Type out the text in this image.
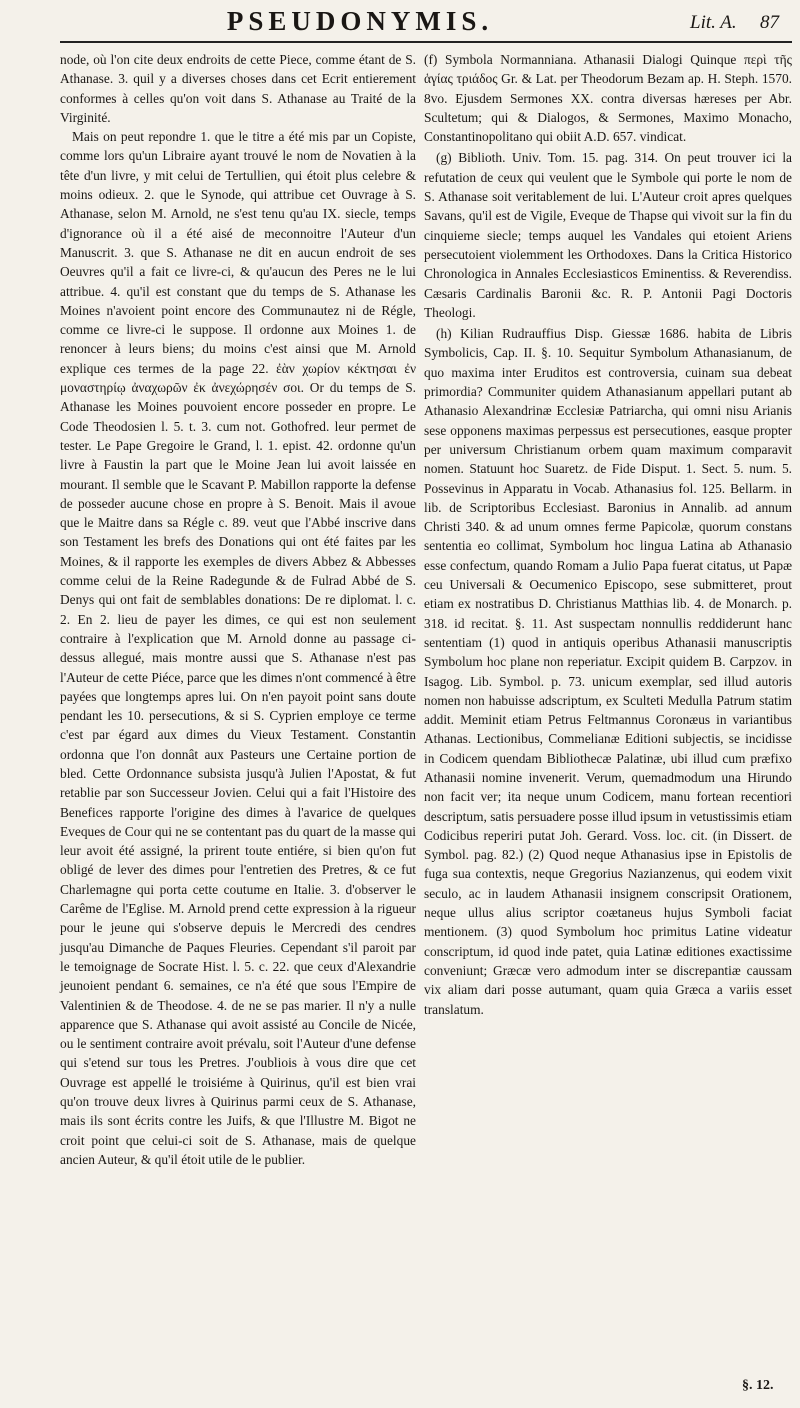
PSEUDONYMIS.	Lit. A. 87

node, où l'on cite deux endroits de cette Piece, comme étant de S. Athanase. 3. quil y a diverses choses dans cet Ecrit entierement conformes à celles qu'on voit dans S. Athanase au Traité de la Virginité.

Mais on peut repondre 1. que le titre a été mis par un Copiste, comme lors qu'un Libraire ayant trouvé le nom de Novatien à la tête d'un livre, y mit celui de Tertullien, qui étoit plus celebre & moins odieux. 2. que le Synode, qui attribue cet Ouvrage à S. Athanase, selon M. Arnold, ne s'est tenu qu'au IX. siecle, temps d'ignorance où il a été aisé de meconnoitre l'Auteur d'un Manuscrit. 3. que S. Athanase ne dit en aucun endroit de ses Oeuvres qu'il a fait ce livre-ci, & qu'aucun des Peres ne le lui attribue. 4. qu'il est constant que du temps de S. Athanase les Moines n'avoient point encore des Communautez ni de Régle, comme ce livre-ci le suppose. Il ordonne aux Moines 1. de renoncer à leurs biens; du moins c'est ainsi que M. Arnold explique ces termes de la page 22. ἐὰν χωρίον κέκτησαι ἐν μοναστηρίῳ ἀναχωρῶν ἐκ ἀνεχώρησέν σοι. Or du temps de S. Athanase les Moines pouvoient encore posseder en propre. Le Code Theodosien l. 5. t. 3. cum not. Gothofred. leur permet de tester. Le Pape Gregoire le Grand, l. 1. epist. 42. ordonne qu'un livre à Faustin la part que le Moine Jean lui avoit laissée en mourant. Il semble que le Scavant P. Mabillon rapporte la defense de posseder aucune chose en propre à S. Benoit. Mais il avoue que le Maitre dans sa Régle c. 89. veut que l'Abbé inscrive dans son Testament les brefs des Donations qui ont été faites par les Moines, & il rapporte les exemples de divers Abbez & Abbesses comme celui de la Reine Radegunde & de Fulrad Abbé de S. Denys qui ont fait de semblables donations: De re diplomat. l. c. 2. En 2. lieu de payer les dimes, ce qui est non seulement contraire à l'explication que M. Arnold donne au passage ci-dessus allegué, mais montre aussi que S. Athanase n'est pas l'Auteur de cette Piéce, parce que les dimes n'ont commencé à être payées que longtemps apres lui. On n'en payoit point sans doute pendant les 10. persecutions, & si S. Cyprien employe ce terme c'est par égard aux dimes du Vieux Testament. Constantin ordonna que l'on donnât aux Pasteurs une Certaine portion de bled. Cette Ordonnance subsista jusqu'à Julien l'Apostat, & fut retablie par son Successeur Jovien. Celui qui a fait l'Histoire des Benefices rapporte l'origine des dimes à l'avarice de quelques Eveques de Cour qui ne se contentant pas du quart de la masse qui leur avoit été assigné, la prirent toute entiére, si bien qu'on fut obligé de lever des dimes pour l'entretien des Pretres, & ce fut Charlemagne qui porta cette coutume en Italie. 3. d'observer le Carême de l'Eglise. M. Arnold prend cette expression à la rigueur pour le jeune qui s'observe depuis le Mercredi des cendres jusqu'au Dimanche de Paques Fleuries. Cependant s'il paroit par le temoignage de Socrate Hist. l. 5. c. 22. que ceux d'Alexandrie jeunoient pendant 6. semaines, ce n'a été que sous l'Empire de Valentinien & de Theodose. 4. de ne se pas marier. Il n'y a nulle apparence que S. Athanase qui avoit assisté au Concile de Nicée, ou le sentiment contraire avoit prévalu, soit l'Auteur d'une defense qui s'etend sur tous les Pretres. J'oubliois à vous dire que cet Ouvrage est appellé le troisiéme à Quirinus, qu'il est bien vrai qu'on trouve deux livres à Quirinus parmi ceux de S. Athanase, mais ils sont écrits contre les Juifs, & que l'Illustre M. Bigot ne croit point que celui-ci soit de S. Athanase, mais de quelque ancien Auteur, & qu'il étoit utile de le publier.

(f) Symbola Normanniana. Athanasii Dialogi Quinque περὶ τῆς ἁγίας τριάδος Gr. & Lat. per Theodorum Bezam ap. H. Steph. 1570. 8vo. Ejusdem Sermones XX. contra diversas hæreses per Abr. Scultetum; qui & Dialogos, & Sermones, Maximo Monacho, Constantinopolitano qui obiit A.D. 657. vindicat.

(g) Biblioth. Univ. Tom. 15. pag. 314. On peut trouver ici la refutation de ceux qui veulent que le Symbole qui porte le nom de S. Athanase soit veritablement de lui. L'Auteur croit apres quelques Savans, qu'il est de Vigile, Eveque de Thapse qui vivoit sur la fin du cinquieme siecle; temps auquel les Vandales qui etoient Ariens persecutoient violemment les Orthodoxes. Dans la Critica Historico Chronologica in Annales Ecclesiasticos Eminentiss. & Reverendiss. Cæsaris Cardinalis Baronii &c. R. P. Antonii Pagi Doctoris Theologi.

(h) Kilian Rudrauffius Disp. Giessæ 1686. habita de Libris Symbolicis, Cap. II. §. 10. Sequitur Symbolum Athanasianum, de quo maxima inter Eruditos est controversia, cuinam sua debeat primordia? Communiter quidem Athanasianum appellari putant ab Athanasio Alexandrinæ Ecclesiæ Patriarcha, qui omni nisu Arianis sese opponens maximas perpessus est persecutiones, easque propter per universum Christianum orbem quam maximum comparavit nomen. Statuunt hoc Suaretz. de Fide Disput. 1. Sect. 5. num. 5. Possevinus in Apparatu in Vocab. Athanasius fol. 125. Bellarm. in lib. de Scriptoribus Ecclesiast. Baronius in Annalib. ad annum Christi 340. & ad unum omnes ferme Papicolæ, quorum constans sententia eo collimat, Symbolum hoc lingua Latina ab Athanasio esse confectum, quando Romam a Julio Papa fuerat citatus, ut Papæ ceu Universali & Oecumenico Episcopo, sese submitteret, prout etiam ex nostratibus D. Christianus Matthias lib. 4. de Monarch. p. 318. id recitat. §. 11. Ast suspectam nonnullis reddiderunt hanc sententiam (1) quod in antiquis operibus Athanasii manuscriptis Symbolum hoc plane non reperiatur. Excipit quidem B. Carpzov. in Isagog. Lib. Symbol. p. 73. unicum exemplar, sed illud autoris nomen non habuisse adscriptum, ex Sculteti Medulla Patrum statim addit. Meminit etiam Petrus Feltmannus Coronæus in variantibus Athanas. Lectionibus, Commelianæ Editioni subjectis, se incidisse in Codicem quendam Bibliothecæ Palatinæ, ubi illud cum præfixo Athanasii nomine invenerit. Verum, quemadmodum una Hirundo non facit ver; ita neque unum Codicem, manu fortean recentiori descriptum, satis persuadere posse illud ipsum in vetustissimis etiam Codicibus reperiri putat Joh. Gerard. Voss. loc. cit. (in Dissert. de Symbol. pag. 82.) (2) Quod neque Athanasius ipse in Epistolis de fuga sua contextis, neque Gregorius Nazianzenus, qui eodem vixit seculo, ac in laudem Athanasii insignem conscripsit Orationem, neque ullus alius scriptor coætaneus hujus Symboli faciat mentionem. (3) quod Symbolum hoc primitus Latine videatur conscriptum, id quod inde patet, quia Latinæ editiones exactissime conveniunt; Græcæ vero admodum inter se discrepantiæ caussam vix aliam dari posse autumant, quam quia Græca a variis esset translatum.

§. 12.
